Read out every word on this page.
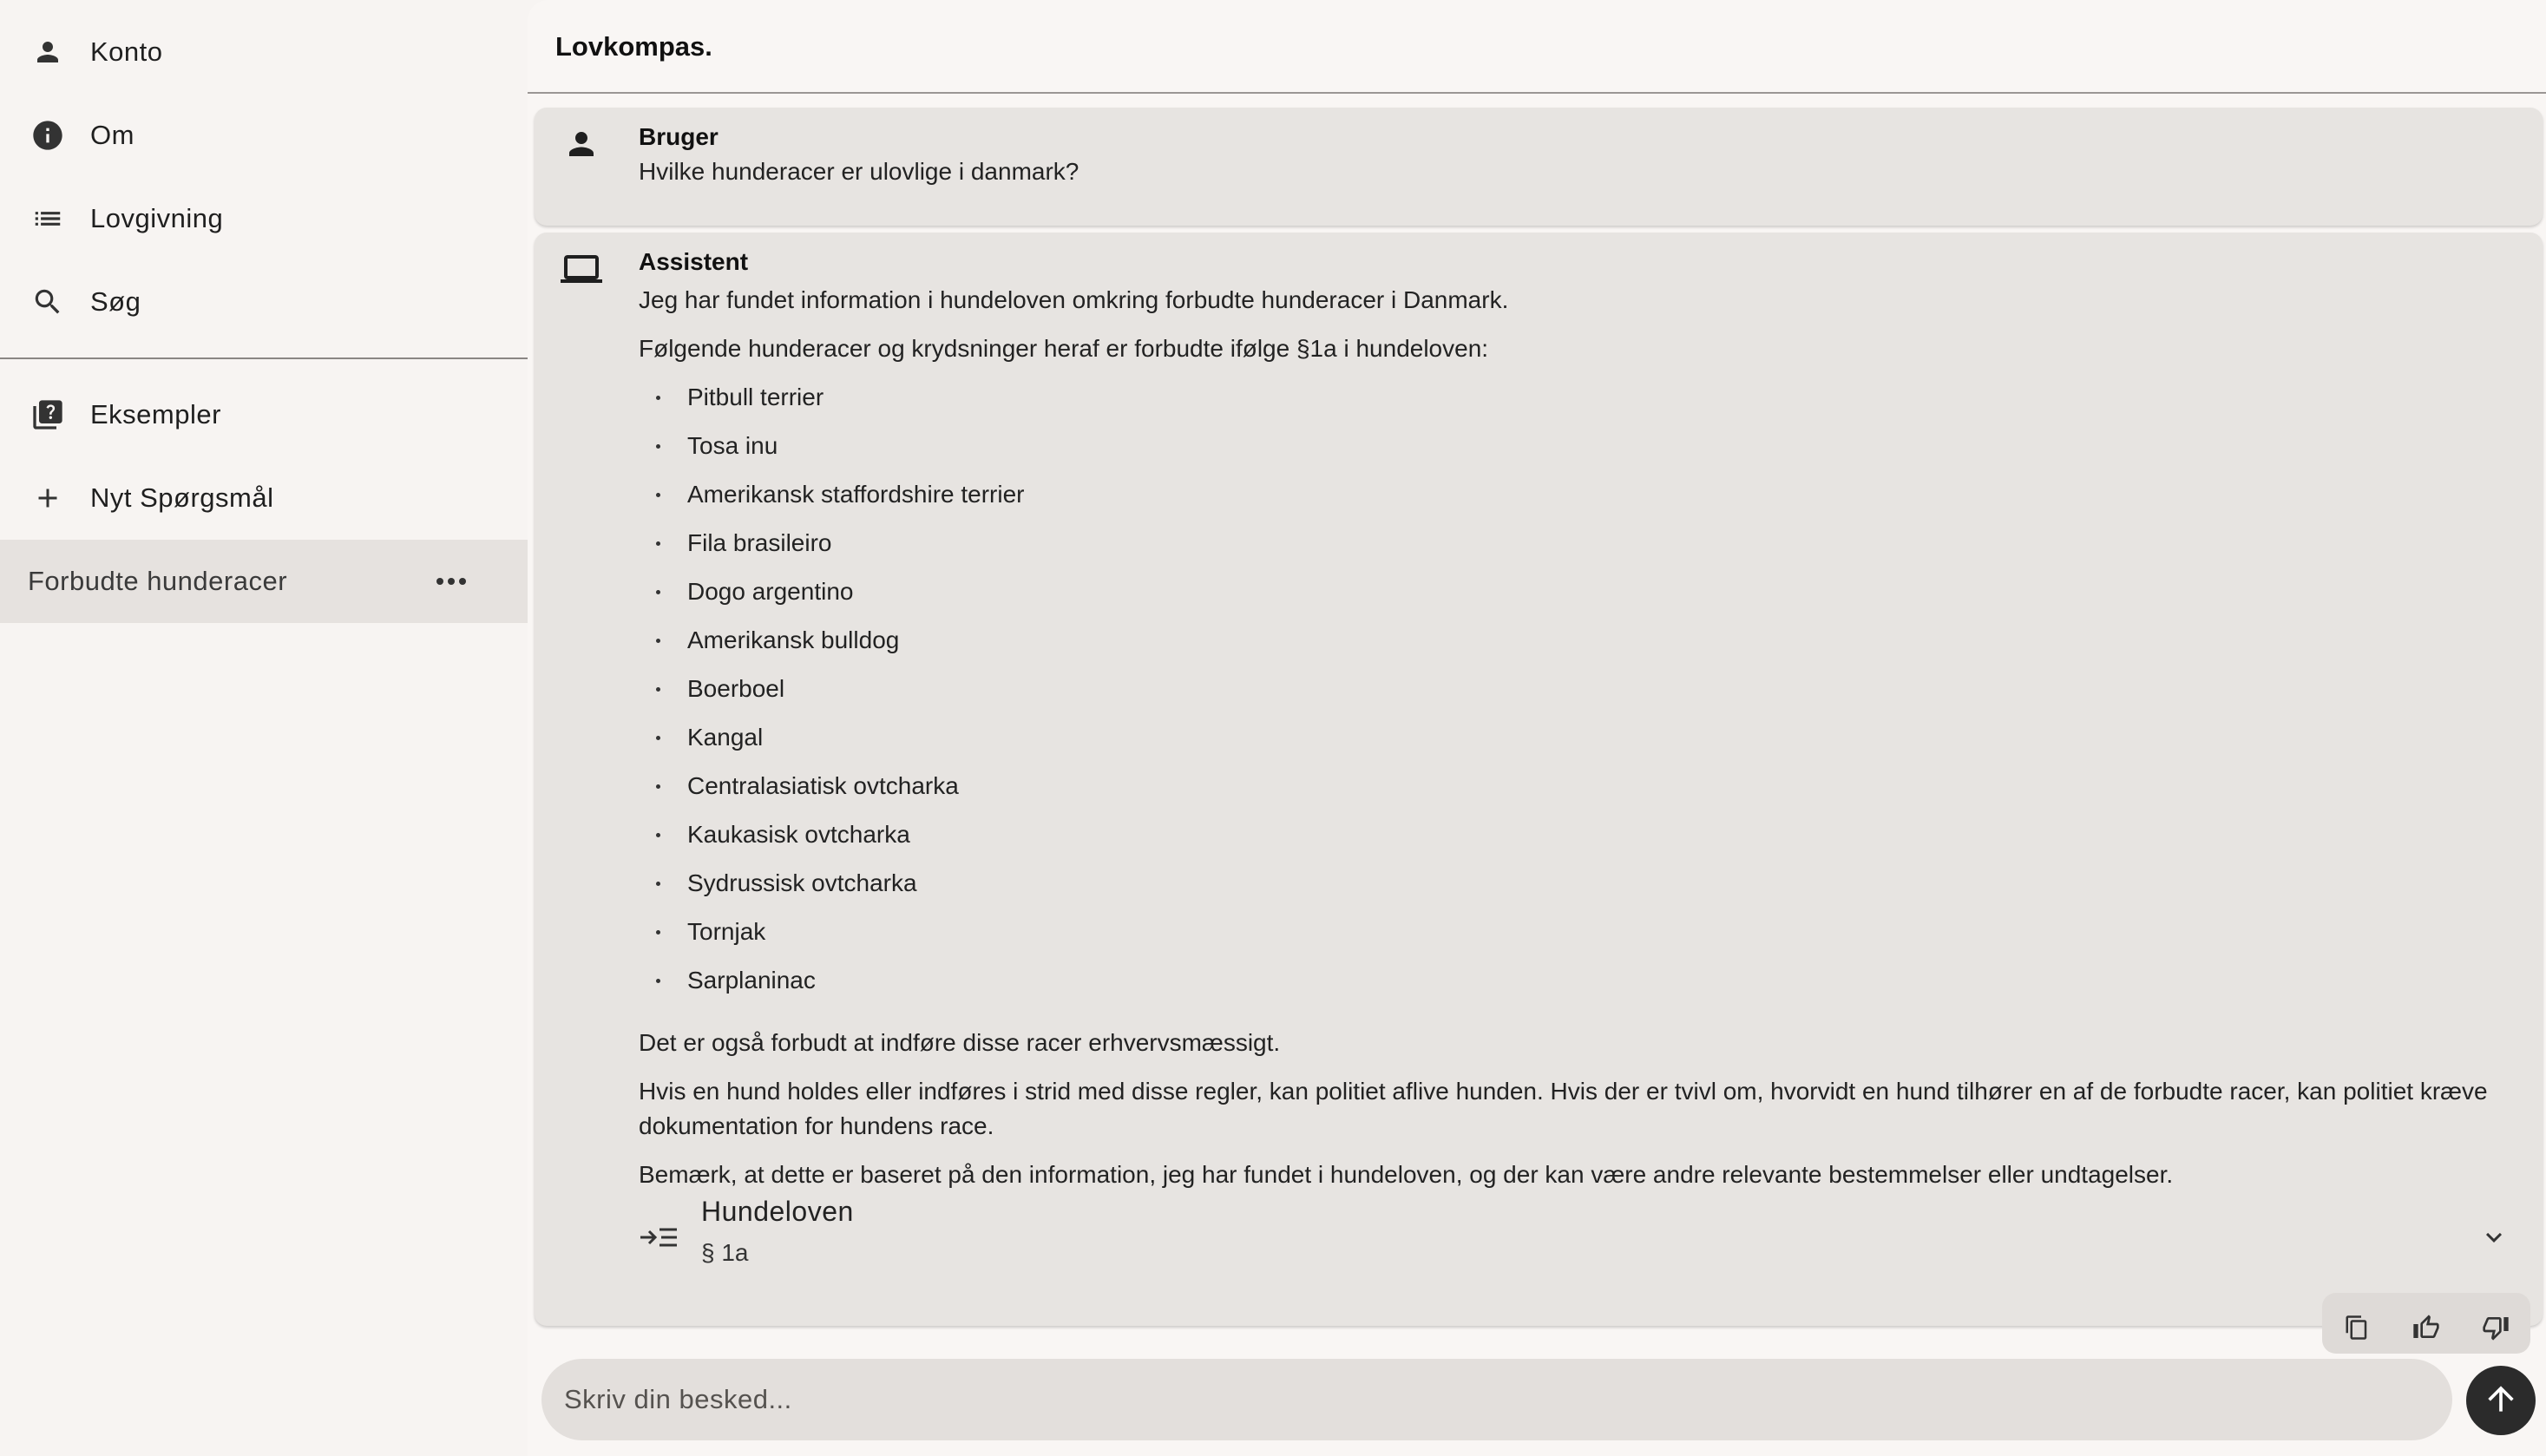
Konto
Om
Lovgivning
Søg
Eksempler
Nyt Spørgsmål
Forbudte hunderacer
Lovkompas.
Bruger
Hvilke hunderacer er ulovlige i danmark?
Assistent

Jeg har fundet information i hundeloven omkring forbudte hunderacer i Danmark.

Følgende hunderacer og krydsninger heraf er forbudte ifølge §1a i hundeloven:

Pitbull terrier
Tosa inu
Amerikansk staffordshire terrier
Fila brasileiro
Dogo argentino
Amerikansk bulldog
Boerboel
Kangal
Centralasiatisk ovtcharka
Kaukasisk ovtcharka
Sydrussisk ovtcharka
Tornjak
Sarplaninac

Det er også forbudt at indføre disse racer erhvervsmæssigt.

Hvis en hund holdes eller indføres i strid med disse regler, kan politiet aflive hunden. Hvis der er tvivl om, hvorvidt en hund tilhører en af de forbudte racer, kan politiet kræve dokumentation for hundens race.

Bemærk, at dette er baseret på den information, jeg har fundet i hundeloven, og der kan være andre relevante bestemmelser eller undtagelser.

Hundeloven
§ 1a
Skriv din besked...
